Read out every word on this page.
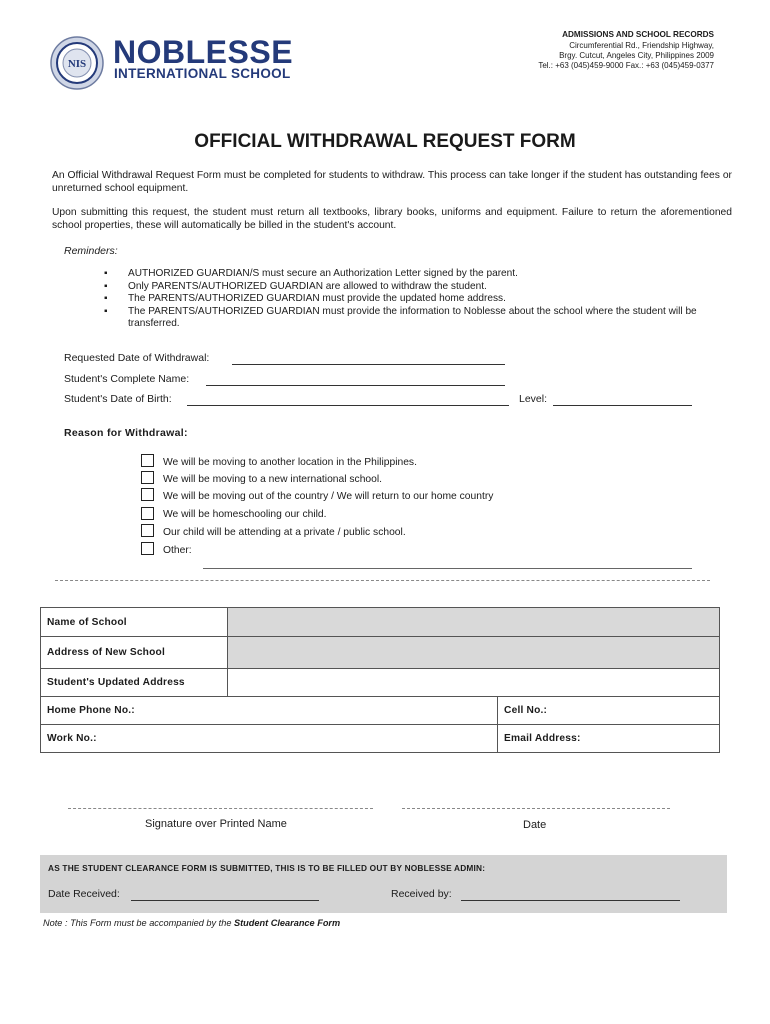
NIS NOBLESSE
INTERNATIONAL SCHOOL
ADMISSIONS AND SCHOOL RECORDS
Circumferential Rd., Friendship Highway,
Brgy. Cutcut, Angeles City, Philippines 2009
Tel.: +63 (045)459-9000 Fax.: +63 (045)459-0377
OFFICIAL WITHDRAWAL REQUEST FORM
An Official Withdrawal Request Form must be completed for students to withdraw. This process can take longer if the student has outstanding fees or unreturned school equipment.
Upon submitting this request, the student must return all textbooks, library books, uniforms and equipment. Failure to return the aforementioned school properties, these will automatically be billed in the student's account.
Reminders:
▪ AUTHORIZED GUARDIAN/S must secure an Authorization Letter signed by the parent.
▪ Only PARENTS/AUTHORIZED GUARDIAN are allowed to withdraw the student.
▪ The PARENTS/AUTHORIZED GUARDIAN must provide the updated home address.
▪ The PARENTS/AUTHORIZED GUARDIAN must provide the information to Noblesse about the school where the student will be transferred.
Requested Date of Withdrawal:
Student's Complete Name:
Student's Date of Birth:	Level:
Reason for Withdrawal:
We will be moving to another location in the Philippines.
We will be moving to a new international school.
We will be moving out of the country / We will return to our home country
We will be homeschooling our child.
Our child will be attending at a private / public school.
Other:
Name of School		
Address of New School		
Student's Updated Address		
Home Phone No.:		Cell No.:
Work No.:		Email Address:
Signature over Printed Name	Date
AS THE STUDENT CLEARANCE FORM IS SUBMITTED, THIS IS TO BE FILLED OUT BY NOBLESSE ADMIN:
Date Received:	Received by:
Note : This Form must be accompanied by the Student Clearance Form
